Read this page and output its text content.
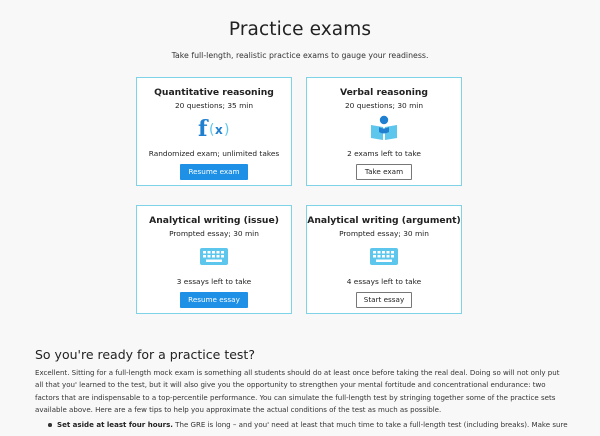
Practice exams
Take full-length, realistic practice exams to gauge your readiness.
Quantitative reasoning
20 questions; 35 min
f ( x )
Randomized exam; unlimited takes
Resume exam
Verbal reasoning
20 questions; 30 min
2 exams left to take
Take exam
Analytical writing (issue)
Prompted essay; 30 min
3 essays left to take
Resume essay
Analytical writing (argument)
Prompted essay; 30 min
4 essays left to take
Start essay
So you're ready for a practice test?
Excellent. Sitting for a full-length mock exam is something all students should do at least once before taking the real deal. Doing so will not only put all that you' learned to the test, but it will also give you the opportunity to strengthen your mental fortitude and concentrational endurance: two factors that are indispensable to a top-percentile performance. You can simulate the full-length test by stringing together some of the practice sets available above. Here are a few tips to help you approximate the actual conditions of the test as much as possible.
Set aside at least four hours. The GRE is long – and you' need at least that much time to take a full-length test (including breaks). Make sure
